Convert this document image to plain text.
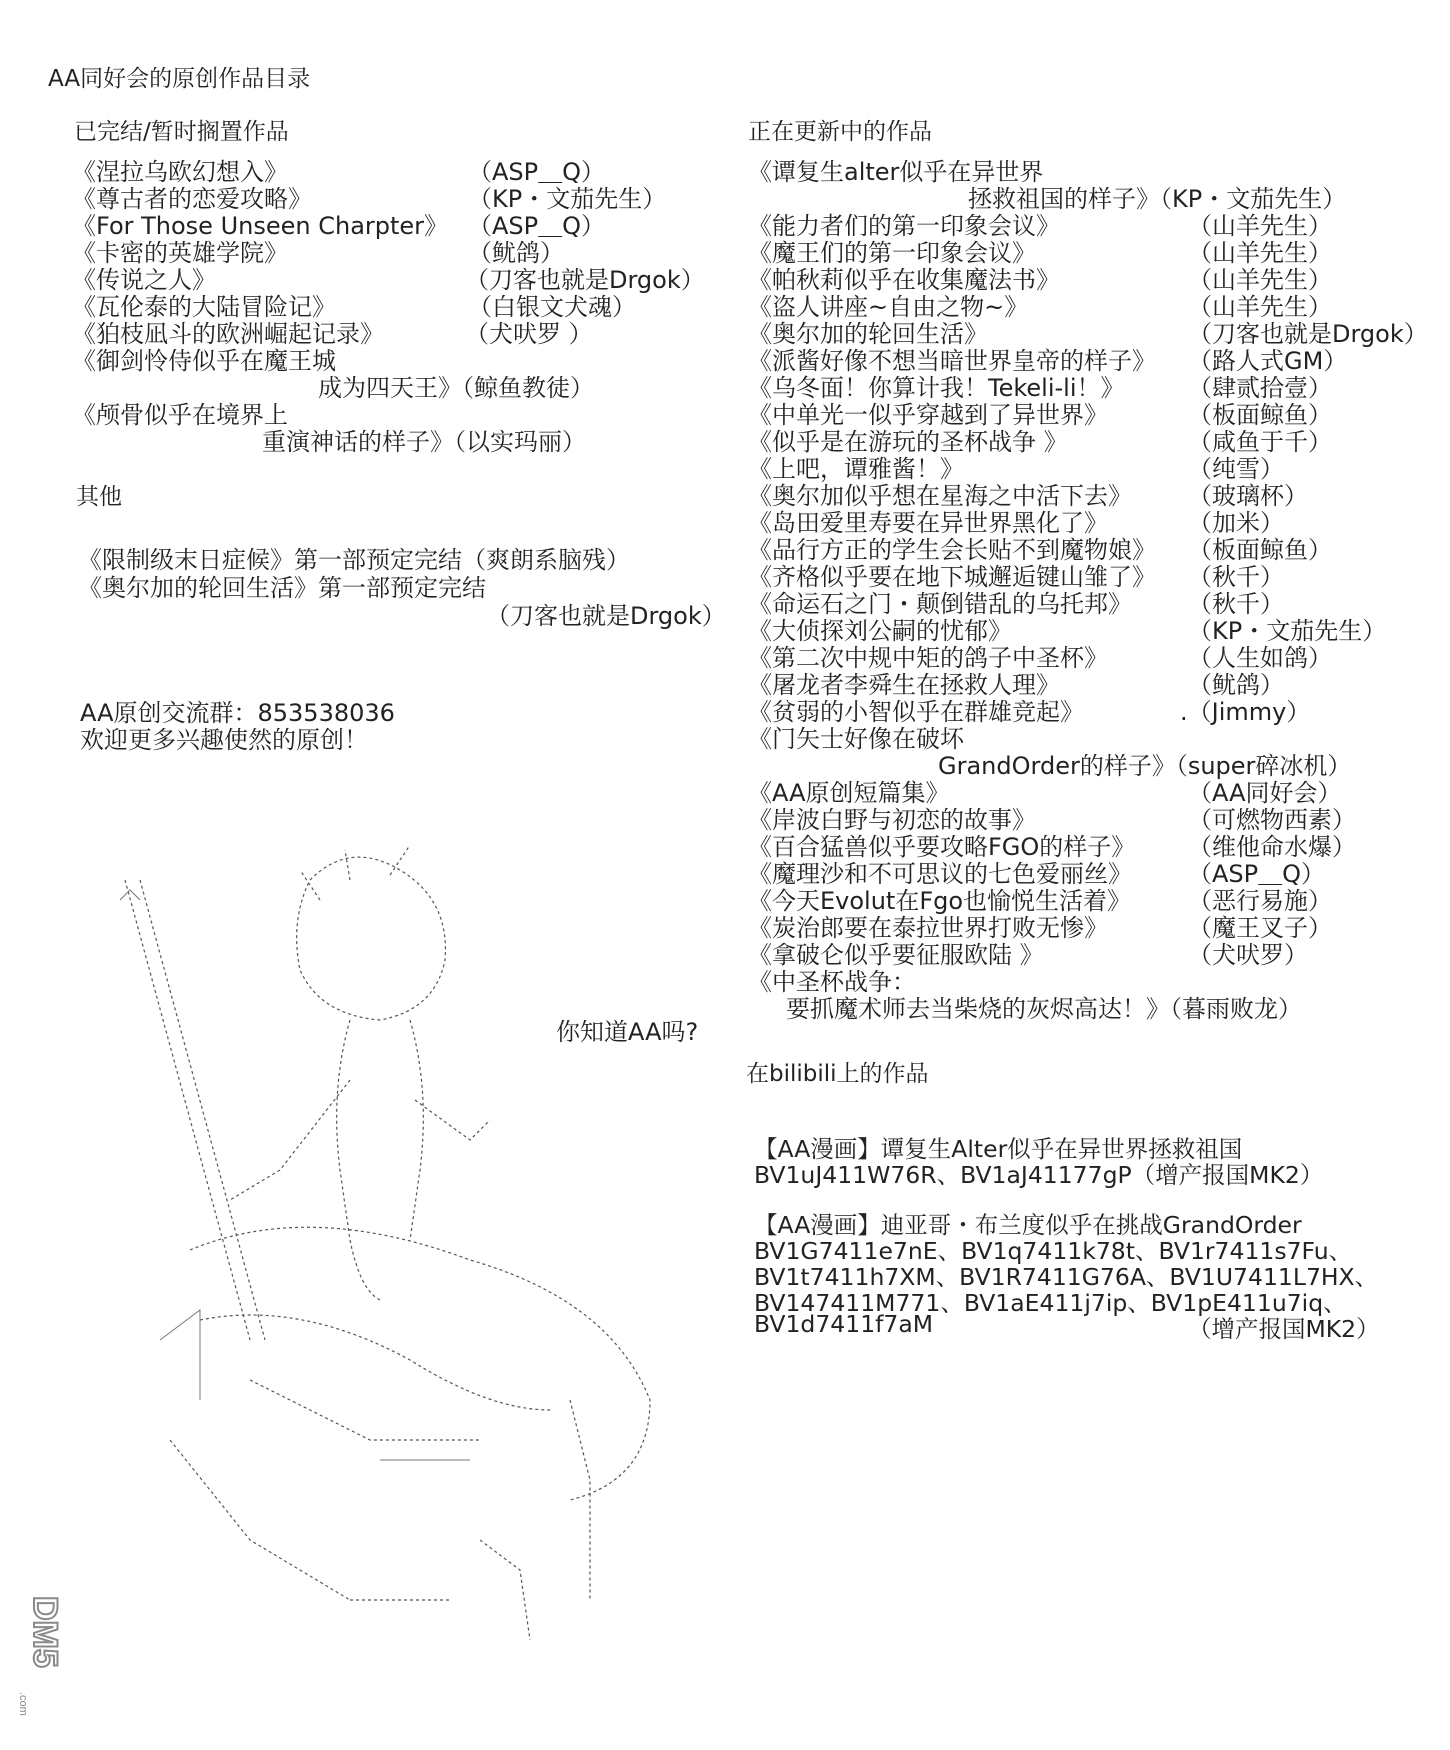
AA同好会的原创作品目录
已完结/暂时搁置作品
《涅拉乌欧幻想入》	（ASP＿Q）
《尊古者的恋爱攻略》	（KP・文茄先生）
《For Those Unseen Charpter》 （ASP＿Q）
《卡密的英雄学院》	（鱿鸽）
《传说之人》	（刀客也就是Drgok）
《瓦伦泰的大陆冒险记》	（白银文犬魂）
《狛枝凪斗的欧洲崛起记录》	（犬吠罗 ）
《御剑怜侍似乎在魔王城
成为四天王》（鲸鱼教徒）
《颅骨似乎在境界上
重演神话的样子》（以实玛丽）
其他
《限制级末日症候》第一部预定完结（爽朗系脑残）
《奥尔加的轮回生活》第一部预定完结
（刀客也就是Drgok）
AA原创交流群：853538036
欢迎更多兴趣使然的原创！
你知道AA吗?
正在更新中的作品
《谭复生alter似乎在异世界
拯救祖国的样子》（KP・文茄先生）
《能力者们的第一印象会议》	（山羊先生）
《魔王们的第一印象会议》	（山羊先生）
《帕秋莉似乎在收集魔法书》	（山羊先生）
《盗人讲座~自由之物~》	（山羊先生）
《奥尔加的轮回生活》	（刀客也就是Drgok）
《派酱好像不想当暗世界皇帝的样子》 （路人式GM）
《乌冬面！你算计我！Tekeli-li！》	（肆贰拾壹）
《中单光一似乎穿越到了异世界》	（板面鲸鱼）
《似乎是在游玩的圣杯战争 》	（咸鱼于千）
《上吧，谭雅酱！》	（纯雪）
《奥尔加似乎想在星海之中活下去》 （玻璃杯）
《岛田爱里寿要在异世界黑化了》	（加米）
《品行方正的学生会长贴不到魔物娘》 （板面鲸鱼）
《齐格似乎要在地下城邂逅键山雏了》 （秋千）
《命运石之门・颠倒错乱的乌托邦》 （秋千）
《大侦探刘公嗣的忧郁》	（KP・文茄先生）
《第二次中规中矩的鸽子中圣杯》	（人生如鸽）
《屠龙者李舜生在拯救人理》	（鱿鸽）
《贫弱的小智似乎在群雄竞起》	.（Jimmy）
《门矢士好像在破坏
GrandOrder的样子》（super碎冰机）
《AA原创短篇集》	（AA同好会）
《岸波白野与初恋的故事》	（可燃物西素）
《百合猛兽似乎要攻略FGO的样子》 （维他命水爆）
《魔理沙和不可思议的七色爱丽丝》 （ASP＿Q）
《今天Evolut在Fgo也愉悦生活着》 （恶行易施）
《炭治郎要在泰拉世界打败无惨》	（魔王叉子）
《拿破仑似乎要征服欧陆 》	（犬吠罗）
《中圣杯战争：
要抓魔术师去当柴烧的灰烬高达！》（暮雨败龙）
在bilibili上的作品
【AA漫画】谭复生Alter似乎在异世界拯救祖国
BV1uJ411W76R、BV1aJ41177gP（增产报国MK2）
【AA漫画】迪亚哥・布兰度似乎在挑战GrandOrder
BV1G7411e7nE、BV1q7411k78t、BV1r7411s7Fu、
BV1t7411h7XM、BV1R7411G76A、BV1U7411L7HX、
BV147411M771、BV1aE411j7ip、BV1pE411u7iq、
BV1d7411f7aM	（增产报国MK2）
DM5
.com
